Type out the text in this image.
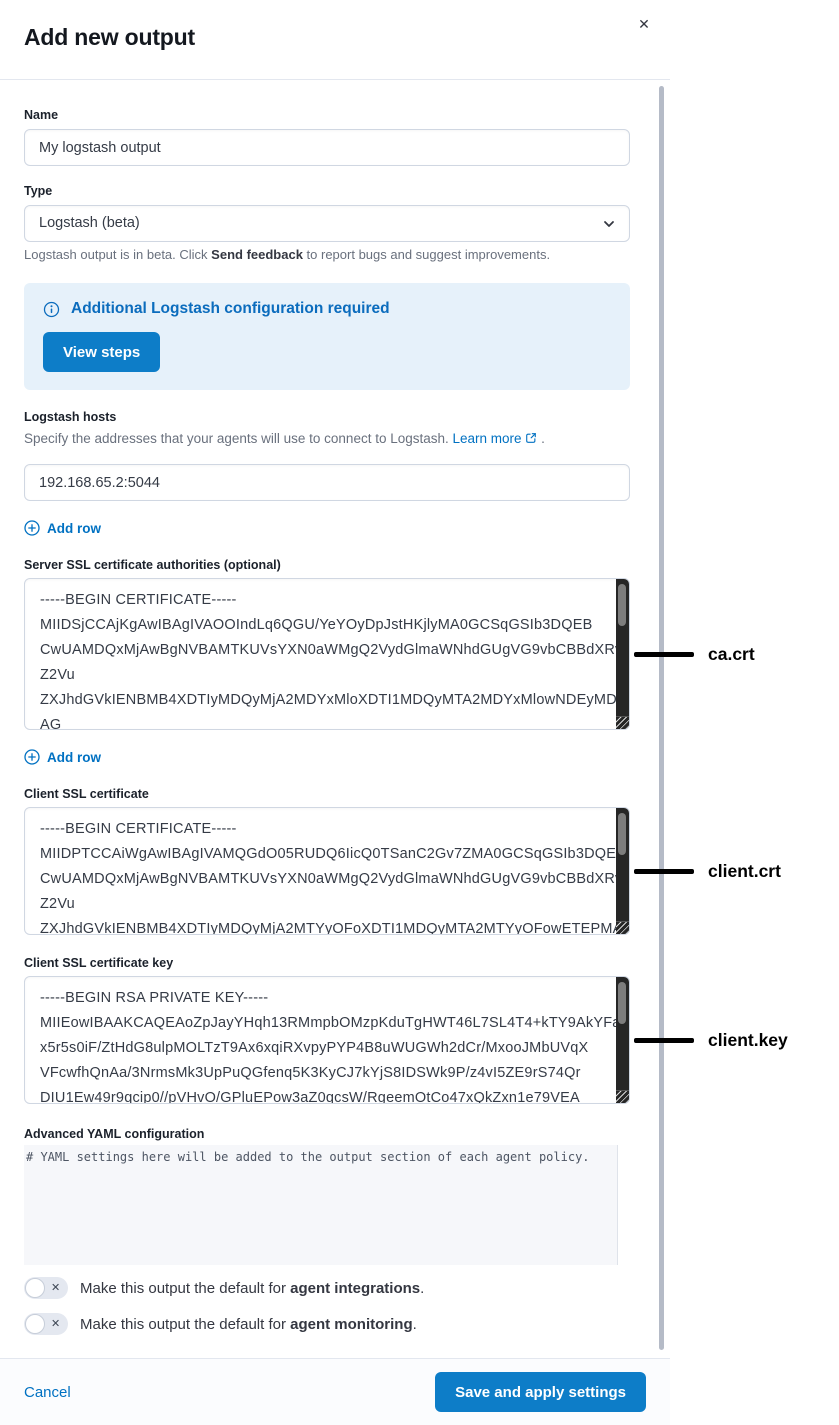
Add new output	✕
Name
My logstash output
Type
Logstash (beta)
Logstash output is in beta. Click Send feedback to report bugs and suggest improvements.
Additional Logstash configuration required
View steps
Logstash hosts
Specify the addresses that your agents will use to connect to Logstash. Learn more .
192.168.65.2:5044
Add row
Server SSL certificate authorities (optional)
-----BEGIN CERTIFICATE----- MIIDSjCCAjKgAwIBAgIVAOOIndLq6QGU/YeYOyDpJstHKjlyMA0GCSqGSIb3DQEB CwUAMDQxMjAwBgNVBAMTKUVsYXN0aWMgQ2VydGlmaWNhdGUgVG9vbCBBdXRv Z2Vu ZXJhdGVkIENBMB4XDTIyMDQyMjA2MDYxMloXDTI1MDQyMTA2MDYxMlowNDEyMD AG A1UEAxMpRWxhc3RpYyBDZXJ0aWZpY2F0ZSBUb29sIEF1dG9nZW5lcmF0ZWQgQ0E
Add row
Client SSL certificate
-----BEGIN CERTIFICATE----- MIIDPTCCAiWgAwIBAgIVAMQGdO05RUDQ6IicQ0TSanC2Gv7ZMA0GCSqGSIb3DQEB CwUAMDQxMjAwBgNVBAMTKUVsYXN0aWMgQ2VydGlmaWNhdGUgVG9vbCBBdXRv Z2Vu ZXJhdGVkIENBMB4XDTIyMDQyMjA2MTYyOFoXDTI1MDQyMTA2MTYyOFowETEPMA 0G
Client SSL certificate key
-----BEGIN RSA PRIVATE KEY----- MIIEowIBAAKCAQEAoZpJayYHqh13RMmpbOMzpKduTgHWT46L7SL4T4+kTY9AkYFa x5r5s0iF/ZtHdG8ulpMOLTzT9Ax6xqiRXvpyPYP4B8uWUGWh2dCr/MxooJMbUVqX VFcwfhQnAa/3NrmsMk3UpPuQGfenq5K3KyCJ7kYjS8IDSWk9P/z4vI5ZE9rS74Qr DIU1Ew49r9qcip0//pVHvO/GPluEPow3aZ0qcsW/RgeemOtCo47xQkZxn1e79VEA UVYzGHokpKMvaneJij2be2ajwQl4OG7lpGvlWEzDt/jQODxD25m92SiWigocXYDd
Advanced YAML configuration
# YAML settings here will be added to the output section of each agent policy.
✕ Make this output the default for agent integrations.
✕ Make this output the default for agent monitoring.
Cancel	Save and apply settings
ca.crt
client.crt
client.key
